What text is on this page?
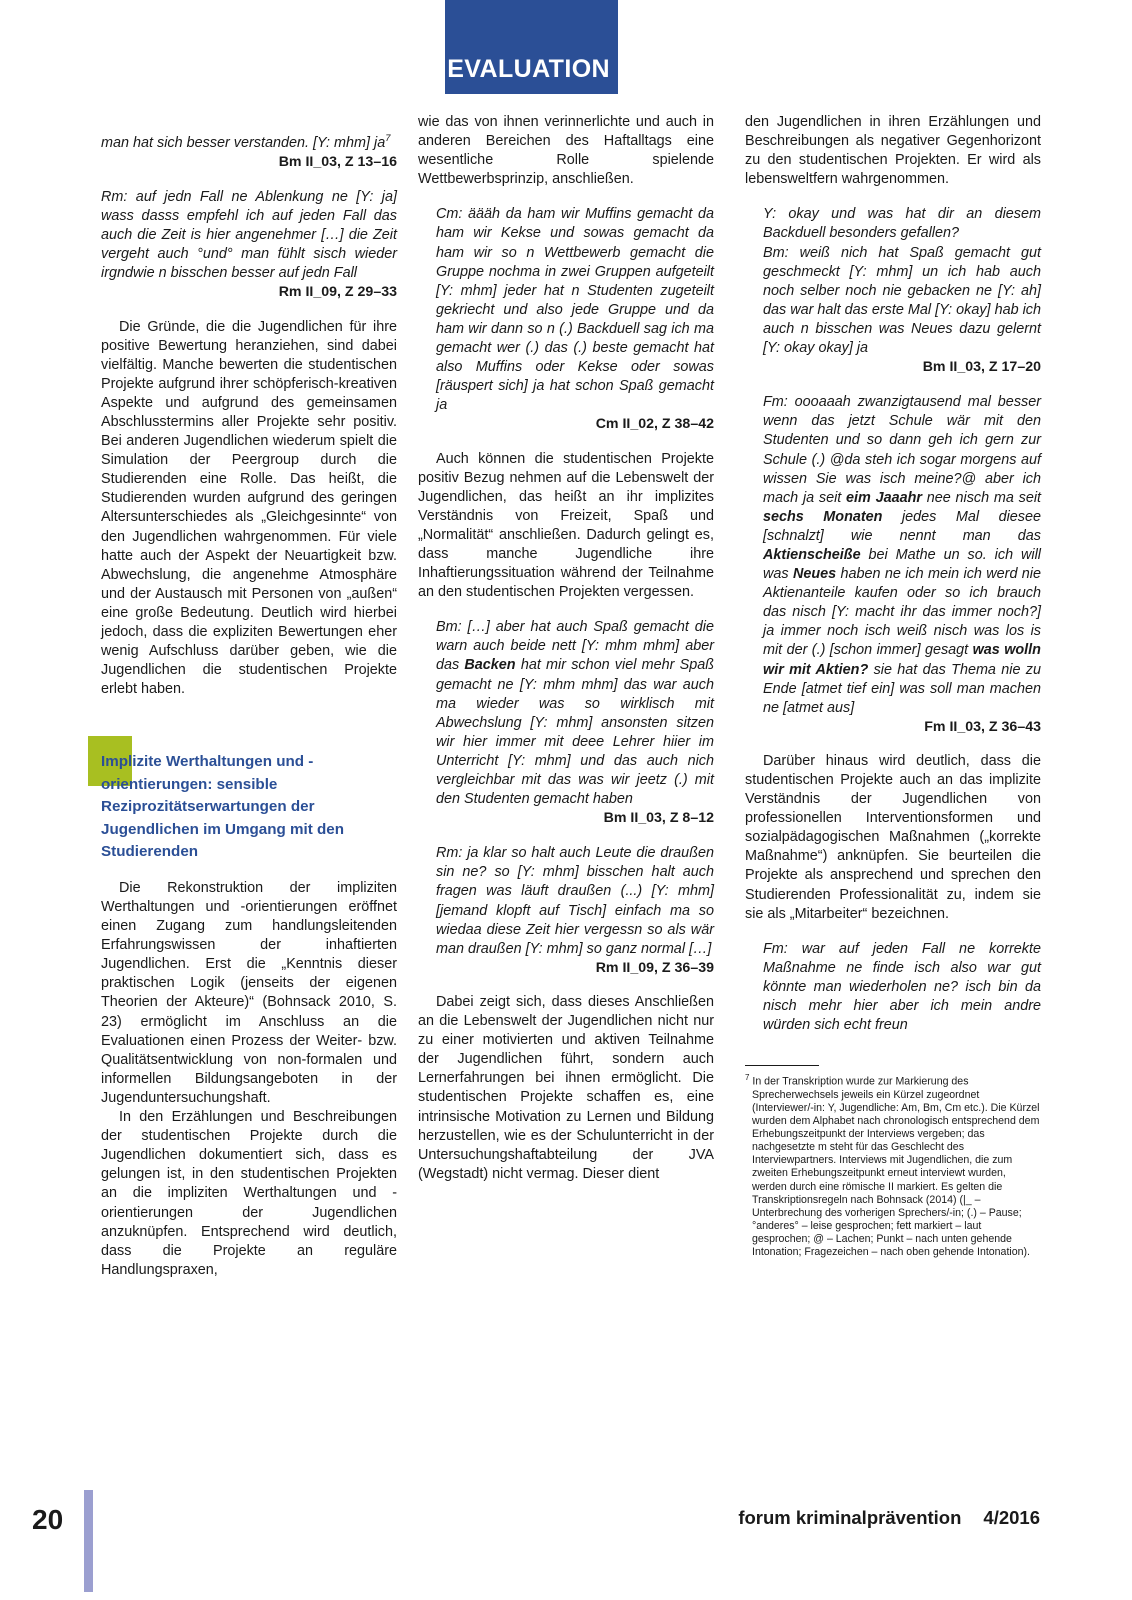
EVALUATION
man hat sich besser verstanden. [Y: mhm] ja$^7$
Bm II_03, Z 13–16
Rm: auf jedn Fall ne Ablenkung ne [Y: ja] wass dasss empfehl ich auf jeden Fall das auch die Zeit is hier angenehmer […] die Zeit vergeht auch °und° man fühlt sisch wieder irgndwie n bisschen besser auf jedn Fall
Rm II_09, Z 29–33

Die Gründe, die die Jugendlichen für ihre positive Bewertung heranziehen, sind dabei vielfältig. Manche bewerten die studentischen Projekte aufgrund ihrer schöpferisch-kreativen Aspekte und aufgrund des gemeinsamen Abschlusstermins aller Projekte sehr positiv. Bei anderen Jugendlichen wiederum spielt die Simulation der Peergroup durch die Studierenden eine Rolle. Das heißt, die Studierenden wurden aufgrund des geringen Altersunterschiedes als „Gleichgesinnte“ von den Jugendlichen wahrgenommen. Für viele hatte auch der Aspekt der Neuartigkeit bzw. Abwechslung, die angenehme Atmosphäre und der Austausch mit Personen von „außen“ eine große Bedeutung. Deutlich wird hierbei jedoch, dass die expliziten Bewertungen eher wenig Aufschluss darüber geben, wie die Jugendlichen die studentischen Projekte erlebt haben.

Implizite Werthaltungen und -orientierungen: sensible Reziprozitätserwartungen der Jugendlichen im Umgang mit den Studierenden

Die Rekonstruktion der impliziten Werthaltungen und -orientierungen eröffnet einen Zugang zum handlungsleitenden Erfahrungswissen der inhaftierten Jugendlichen. Erst die „Kenntnis dieser praktischen Logik (jenseits der eigenen Theorien der Akteure)“ (Bohnsack 2010, S. 23) ermöglicht im Anschluss an die Evaluationen einen Prozess der Weiter- bzw. Qualitätsentwicklung von non-formalen und informellen Bildungsangeboten in der Jugenduntersuchungshaft.

In den Erzählungen und Beschreibungen der studentischen Projekte durch die Jugendlichen dokumentiert sich, dass es gelungen ist, in den studentischen Projekten an die impliziten Werthaltungen und -orientierungen der Jugendlichen anzuknüpfen. Entsprechend wird deutlich, dass die Projekte an reguläre Handlungspraxen,

wie das von ihnen verinnerlichte und auch in anderen Bereichen des Haftalltags eine wesentliche Rolle spielende Wettbewerbsprinzip, anschließen.

Cm: äääh da ham wir Muffins gemacht da ham wir Kekse und sowas gemacht da ham wir so n Wettbewerb gemacht die Gruppe nochma in zwei Gruppen aufgeteilt [Y: mhm] jeder hat n Studenten zugeteilt gekriecht und also jede Gruppe und da ham wir dann so n (.) Backduell sag ich ma gemacht wer (.) das (.) beste gemacht hat also Muffins oder Kekse oder sowas [räuspert sich] ja hat schon Spaß gemacht ja
Cm II_02, Z 38–42

Auch können die studentischen Projekte positiv Bezug nehmen auf die Lebenswelt der Jugendlichen, das heißt an ihr implizites Verständnis von Freizeit, Spaß und „Normalität“ anschließen. Dadurch gelingt es, dass manche Jugendliche ihre Inhaftierungssituation während der Teilnahme an den studentischen Projekten vergessen.

Bm: […] aber hat auch Spaß gemacht die warn auch beide nett [Y: mhm mhm] aber das Backen hat mir schon viel mehr Spaß gemacht ne [Y: mhm mhm] das war auch ma wieder was so wirklisch mit Abwechslung [Y: mhm] ansonsten sitzen wir hier immer mit deee Lehrer hiier im Unterricht [Y: mhm] und das auch nich vergleichbar mit das was wir jeetz (.) mit den Studenten gemacht haben
Bm II_03, Z 8–12
Rm: ja klar so halt auch Leute die draußen sin ne? so [Y: mhm] bisschen halt auch fragen was läuft draußen (...) [Y: mhm] [jemand klopft auf Tisch] einfach ma so wiedaa diese Zeit hier vergessn so als wär man draußen [Y: mhm] so ganz normal […]
Rm II_09, Z 36–39

Dabei zeigt sich, dass dieses Anschließen an die Lebenswelt der Jugendlichen nicht nur zu einer motivierten und aktiven Teilnahme der Jugendlichen führt, sondern auch Lernerfahrungen bei ihnen ermöglicht. Die studentischen Projekte schaffen es, eine intrinsische Motivation zu Lernen und Bildung herzustellen, wie es der Schulunterricht in der Untersuchungshaftabteilung der JVA (Wegstadt) nicht vermag. Dieser dient

den Jugendlichen in ihren Erzählungen und Beschreibungen als negativer Gegenhorizont zu den studentischen Projekten. Er wird als lebensweltfern wahrgenommen.

Y: okay und was hat dir an diesem Backduell besonders gefallen?
Bm: weiß nich hat Spaß gemacht gut geschmeckt [Y: mhm] un ich hab auch noch selber noch nie gebacken ne [Y: ah] das war halt das erste Mal [Y: okay] hab ich auch n bisschen was Neues dazu gelernt [Y: okay okay] ja
Bm II_03, Z 17–20
Fm: oooaaah zwanzigtausend mal besser wenn das jetzt Schule wär mit den Studenten und so dann geh ich gern zur Schule (.) @da steh ich sogar morgens auf wissen Sie was isch meine?@ aber ich mach ja seit eim Jaaahr nee nisch ma seit sechs Monaten jedes Mal diesee [schnalzt] wie nennt man das Aktienscheiße bei Mathe un so. ich will was Neues haben ne ich mein ich werd nie Aktienanteile kaufen oder so ich brauch das nisch [Y: macht ihr das immer noch?] ja immer noch isch weiß nisch was los is mit der (.) [schon immer] gesagt was wolln wir mit Aktien? sie hat das Thema nie zu Ende [atmet tief ein] was soll man machen ne [atmet aus]
Fm II_03, Z 36–43

Darüber hinaus wird deutlich, dass die studentischen Projekte auch an das implizite Verständnis der Jugendlichen von professionellen Interventionsformen und sozialpädagogischen Maßnahmen („korrekte Maßnahme“) anknüpfen. Sie beurteilen die Projekte als ansprechend und sprechen den Studierenden Professionalität zu, indem sie sie als „Mitarbeiter“ bezeichnen.

Fm: war auf jeden Fall ne korrekte Maßnahme ne finde isch also war gut könnte man wiederholen ne? isch bin da nisch mehr hier aber ich mein andre würden sich echt freun
$^7$ In der Transkription wurde zur Markierung des Sprecherwechsels jeweils ein Kürzel zugeordnet (Interviewer/-in: Y, Jugendliche: Am, Bm, Cm etc.). Die Kürzel wurden dem Alphabet nach chronologisch entsprechend dem Erhebungszeitpunkt der Interviews vergeben; das nachgesetzte m steht für das Geschlecht des Interviewpartners. Interviews mit Jugendlichen, die zum zweiten Erhebungszeitpunkt erneut interviewt wurden, werden durch eine römische II markiert. Es gelten die Transkriptionsregeln nach Bohnsack (2014) (|_ – Unterbrechung des vorherigen Sprechers/-in; (.) – Pause; °anderes° – leise gesprochen; fett markiert – laut gesprochen; @ – Lachen; Punkt – nach unten gehende Intonation; Fragezeichen – nach oben gehende Intonation).
20	forum kriminalprävention 4/2016
